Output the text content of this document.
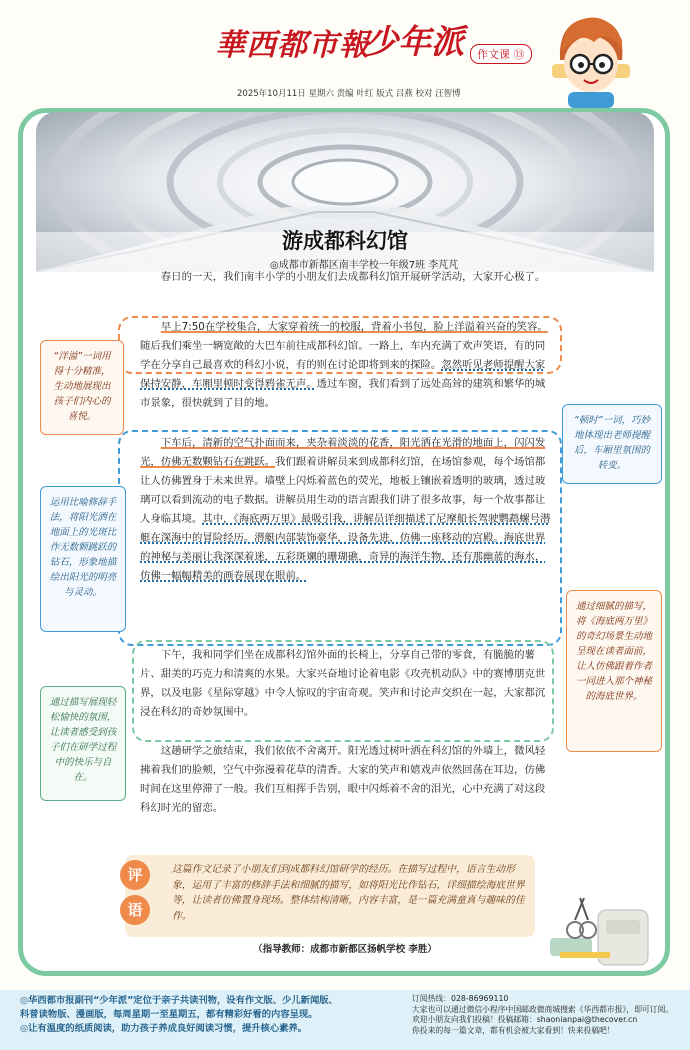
華西都市報
少年派	作文课 ⑬
2025年10月11日 星期六 责编 叶红 版式 吕燕 校对 汪智博
游成都科幻馆
◎成都市新都区南丰学校一年级7班 李芃芃

春日的一天，我们南丰小学的小朋友们去成都科幻馆开展研学活动，大家开心极了。

早上7:50在学校集合，大家穿着统一的校服，背着小书包，脸上洋溢着兴奋的笑容。随后我们乘坐一辆宽敞的大巴车前往成都科幻馆。一路上，车内充满了欢声笑语，有的同学在分享自己最喜欢的科幻小说，有的则在讨论即将到来的探险。忽然听见老师提醒大家保持安静，车厢里顿时变得鸦雀无声。透过车窗，我们看到了远处高耸的建筑和繁华的城市景象，很快就到了目的地。

下车后，清新的空气扑面而来，夹杂着淡淡的花香，阳光洒在光滑的地面上，闪闪发光，仿佛无数颗钻石在跳跃。我们跟着讲解员来到成都科幻馆，在场馆参观，每个场馆都让人仿佛置身于未来世界。墙壁上闪烁着蓝色的荧光，地板上镶嵌着透明的玻璃，透过玻璃可以看到流动的电子数据。讲解员用生动的语言跟我们讲了很多故事，每一个故事都让人身临其境。其中，《海底两万里》最吸引我，讲解员详细描述了尼摩船长驾驶鹦鹉螺号潜艇在深海中的冒险经历。潜艇内部装饰豪华，设备先进，仿佛一座移动的宫殿。海底世界的神秘与美丽让我深深着迷，五彩斑斓的珊瑚礁，奇异的海洋生物，还有那幽蓝的海水，仿佛一幅幅精美的画卷展现在眼前。

下午，我和同学们坐在成都科幻馆外面的长椅上，分享自己带的零食，有脆脆的薯片、甜美的巧克力和清爽的水果。大家兴奋地讨论着电影《攻壳机动队》中的赛博朋克世界，以及电影《星际穿越》中令人惊叹的宇宙奇观。笑声和讨论声交织在一起，大家都沉浸在科幻的奇妙氛围中。

这趟研学之旅结束，我们依依不舍离开。阳光透过树叶洒在科幻馆的外墙上，微风轻拂着我们的脸颊，空气中弥漫着花草的清香。大家的笑声和嬉戏声依然回荡在耳边，仿佛时间在这里停滞了一般。我们互相挥手告别，眼中闪烁着不舍的泪光，心中充满了对这段科幻时光的留恋。

“洋溢”一词用得十分精准，生动地展现出孩子们内心的喜悦。	“顿时”一词，巧妙地体现出老师提醒后，车厢里氛围的转变。
运用比喻修辞手法，将阳光洒在地面上的光斑比作无数颗跳跃的钻石，形象地描绘出阳光的明亮与灵动。
通过细腻的描写，将《海底两万里》的奇幻场景生动地呈现在读者面前，让人仿佛跟着作者一同进入那个神秘的海底世界。
通过描写展现轻松愉快的氛围，让读者感受到孩子们在研学过程中的快乐与自在。
评
语
这篇作文记录了小朋友们到成都科幻馆研学的经历。在描写过程中，语言生动形象，运用了丰富的修辞手法和细腻的描写，如将阳光比作钻石，详细描绘海底世界等，让读者仿佛置身现场。整体结构清晰，内容丰富，是一篇充满童真与趣味的佳作。
（指导教师：成都市新都区扬帆学校 李胜）
◎华西都市报副刊“少年派”定位于亲子共读刊物，设有作文版、少儿新闻版、
科普读物版、漫画版，每周星期一至星期五，都有精彩好看的内容呈现。
◎让有温度的纸质阅读，助力孩子养成良好阅读习惯，提升核心素养。
订阅热线：028-86969110
大家也可以通过微信小程序中国邮政微商城搜索《华西都市报》，即可订阅。
欢迎小朋友向我们投稿！投稿邮箱：shaonianpai@thecover.cn
你投来的每一篇文章，都有机会被大家看到！快来投稿吧！
